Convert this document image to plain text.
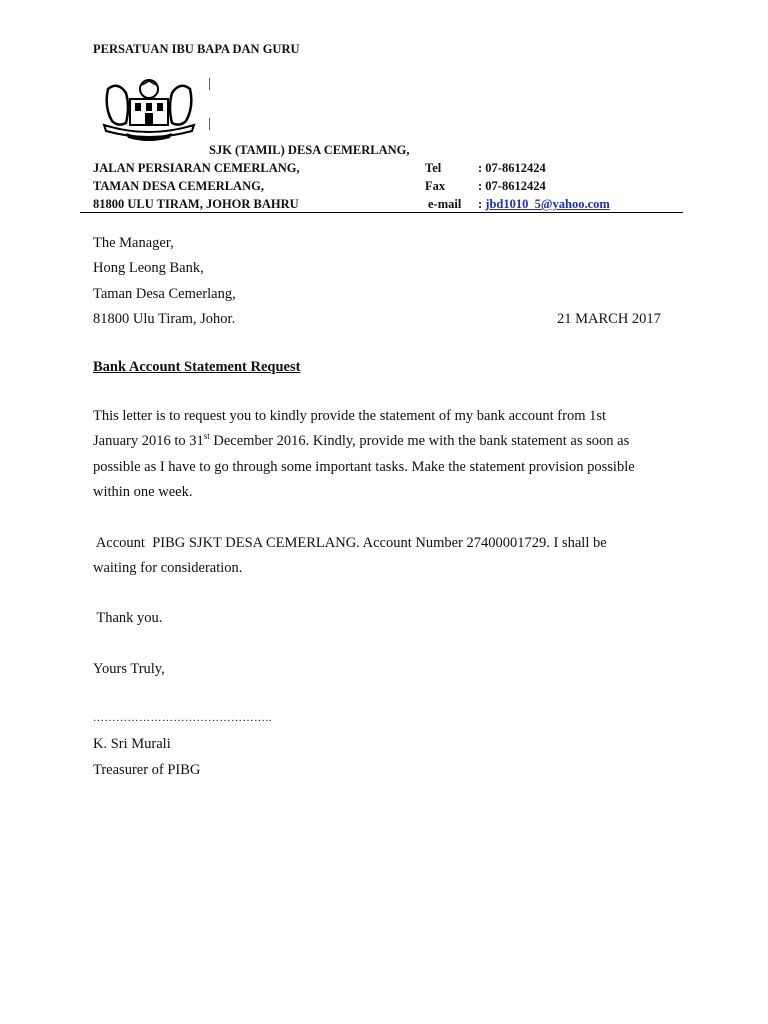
PERSATUAN IBU BAPA DAN GURU
SJK (TAMIL) DESA CEMERLANG,
JALAN PERSIARAN CEMERLANG,
TAMAN DESA CEMERLANG,
81800 ULU TIRAM, JOHOR BAHRU
Tel	: 07-8612424
Fax	: 07-8612424
e-mail : jbd1010_5@yahoo.com
The Manager,
Hong Leong Bank,
Taman Desa Cemerlang,
81800 Ulu Tiram, Johor.	21 MARCH 2017
Bank Account Statement Request
This letter is to request you to kindly provide the statement of my bank account from 1st
January 2016 to 31st December 2016. Kindly, provide me with the bank statement as soon as
possible as I have to go through some important tasks. Make the statement provision possible
within one week.
Account  PIBG SJKT DESA CEMERLANG. Account Number 27400001729. I shall be
waiting for consideration.
Thank you.
Yours Truly,
………………………………………..
K. Sri Murali
Treasurer of PIBG
